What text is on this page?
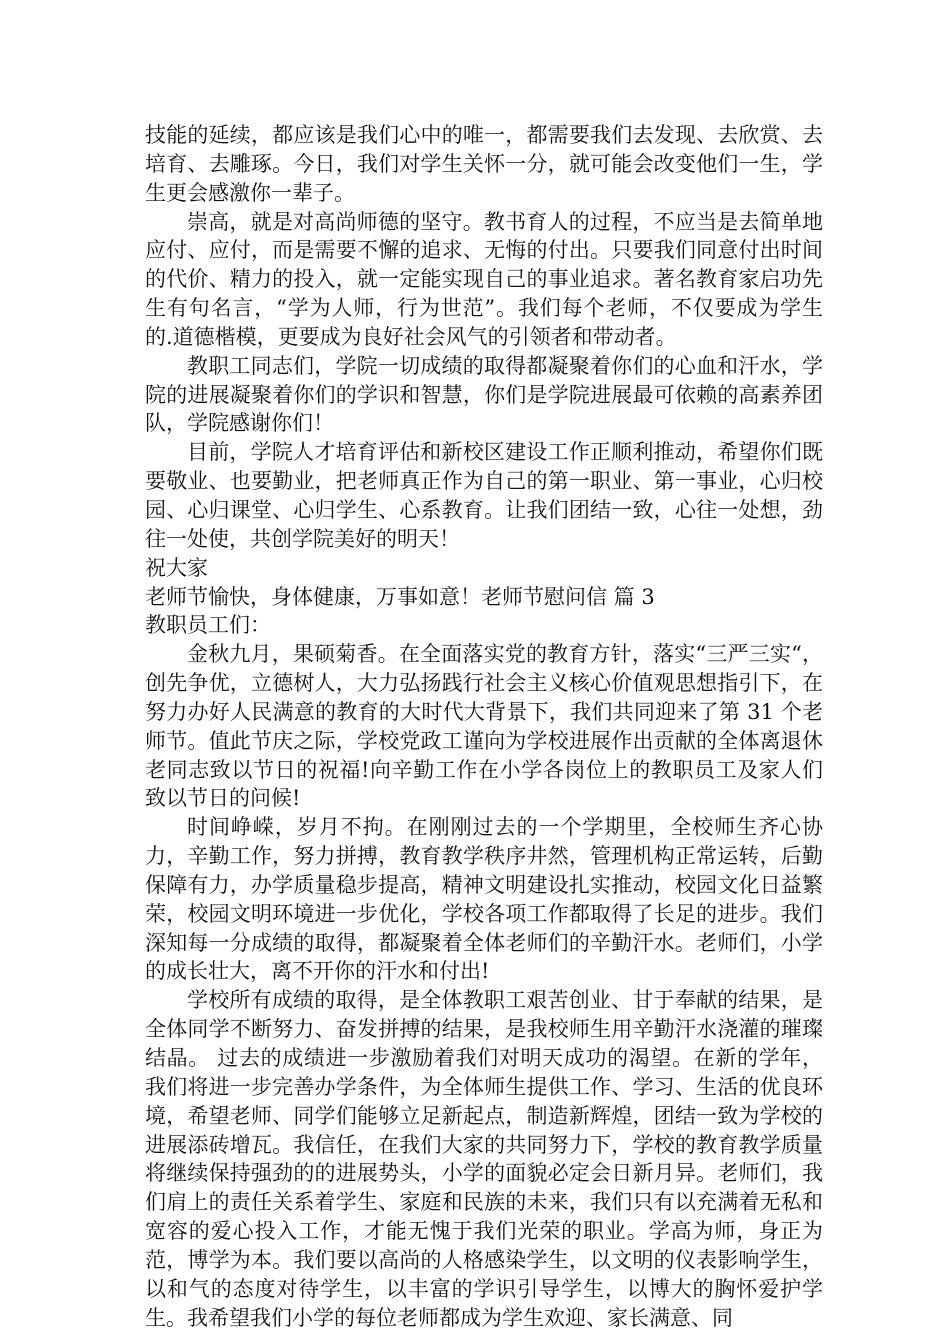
技能的延续，都应该是我们心中的唯一，都需要我们去发现、去欣赏、去培育、去雕琢。今日，我们对学生关怀一分，就可能会改变他们一生，学生更会感激你一辈子。

崇高，就是对高尚师德的坚守。教书育人的过程，不应当是去简单地应付、应付，而是需要不懈的追求、无悔的付出。只要我们同意付出时间的代价、精力的投入，就一定能实现自己的事业追求。著名教育家启功先生有句名言，“学为人师，行为世范”。我们每个老师，不仅要成为学生的.道德楷模，更要成为良好社会风气的引领者和带动者。

教职工同志们，学院一切成绩的取得都凝聚着你们的心血和汗水，学院的进展凝聚着你们的学识和智慧，你们是学院进展最可依赖的高素养团队，学院感谢你们！

目前，学院人才培育评估和新校区建设工作正顺利推动，希望你们既要敬业、也要勤业，把老师真正作为自己的第一职业、第一事业，心归校园、心归课堂、心归学生、心系教育。让我们团结一致，心往一处想，劲往一处使，共创学院美好的明天！

祝大家

老师节愉快，身体健康，万事如意！老师节慰问信 篇 3

教职员工们：

金秋九月，果硕菊香。在全面落实党的教育方针，落实“三严三实“，创先争优，立德树人，大力弘扬践行社会主义核心价值观思想指引下，在努力办好人民满意的教育的大时代大背景下，我们共同迎来了第 31 个老师节。值此节庆之际，学校党政工谨向为学校进展作出贡献的全体离退休老同志致以节日的祝福!向辛勤工作在小学各岗位上的教职员工及家人们致以节日的问候!

时间峥嵘，岁月不拘。在刚刚过去的一个学期里，全校师生齐心协力，辛勤工作，努力拼搏，教育教学秩序井然，管理机构正常运转，后勤保障有力，办学质量稳步提高，精神文明建设扎实推动，校园文化日益繁荣，校园文明环境进一步优化，学校各项工作都取得了长足的进步。我们深知每一分成绩的取得，都凝聚着全体老师们的辛勤汗水。老师们，小学的成长壮大，离不开你的汗水和付出!

学校所有成绩的取得，是全体教职工艰苦创业、甘于奉献的结果，是全体同学不断努力、奋发拼搏的结果，是我校师生用辛勤汗水浇灌的璀璨结晶。 过去的成绩进一步激励着我们对明天成功的渴望。在新的学年，我们将进一步完善办学条件，为全体师生提供工作、学习、生活的优良环境，希望老师、同学们能够立足新起点，制造新辉煌，团结一致为学校的进展添砖增瓦。我信任，在我们大家的共同努力下，学校的教育教学质量将继续保持强劲的的进展势头，小学的面貌必定会日新月异。老师们，我们肩上的责任关系着学生、家庭和民族的未来，我们只有以充满着无私和宽容的爱心投入工作，才能无愧于我们光荣的职业。学高为师，身正为范，博学为本。我们要以高尚的人格感染学生，以文明的仪表影响学生，以和气的态度对待学生，以丰富的学识引导学生，以博大的胸怀爱护学生。我希望我们小学的每位老师都成为学生欢迎、家长满意、同
